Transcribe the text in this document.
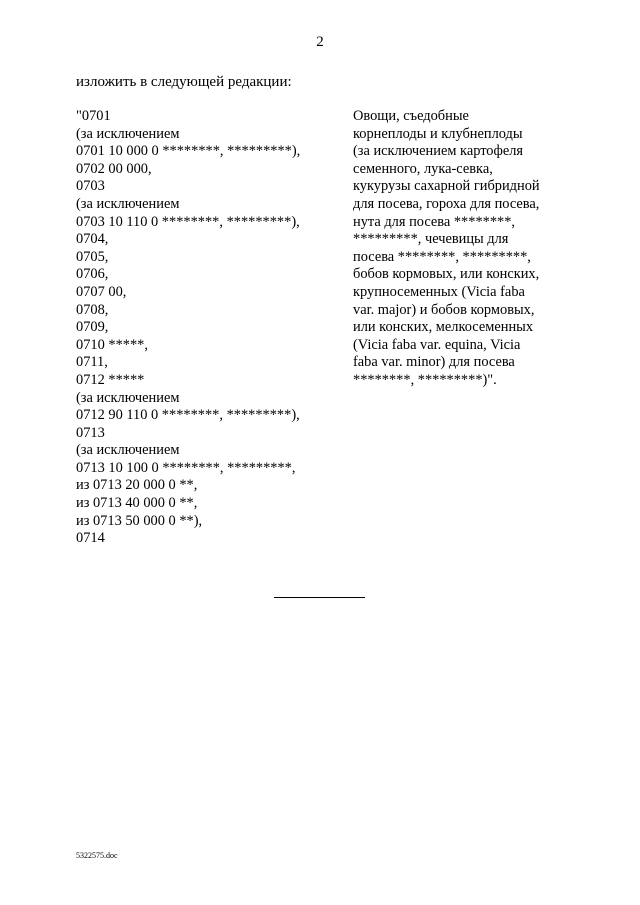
2
изложить в следующей редакции:
"0701
(за исключением
0701 10 000 0 ********, *********),
0702 00 000,
0703
(за исключением
0703 10 110 0 ********, *********),
0704,
0705,
0706,
0707 00,
0708,
0709,
0710 *****,
0711,
0712 *****
(за исключением
0712 90 110 0 ********, *********),
0713
(за исключением
0713 10 100 0 ********, *********,
из 0713 20 000 0 **,
из 0713 40 000 0 **,
из 0713 50 000 0 **),
0714
Овощи, съедобные
корнеплоды и клубнеплоды
(за исключением картофеля
семенного, лука-севка,
кукурузы сахарной гибридной
для посева, гороха для посева,
нута для посева ********,
*********, чечевицы для
посева ********, *********,
бобов кормовых, или конских,
крупносеменных (Vicia faba
var. major) и бобов кормовых,
или конских, мелкосеменных
(Vicia faba var. equina, Vicia
faba var. minor) для посева
********, *********)".
5322575.doc
